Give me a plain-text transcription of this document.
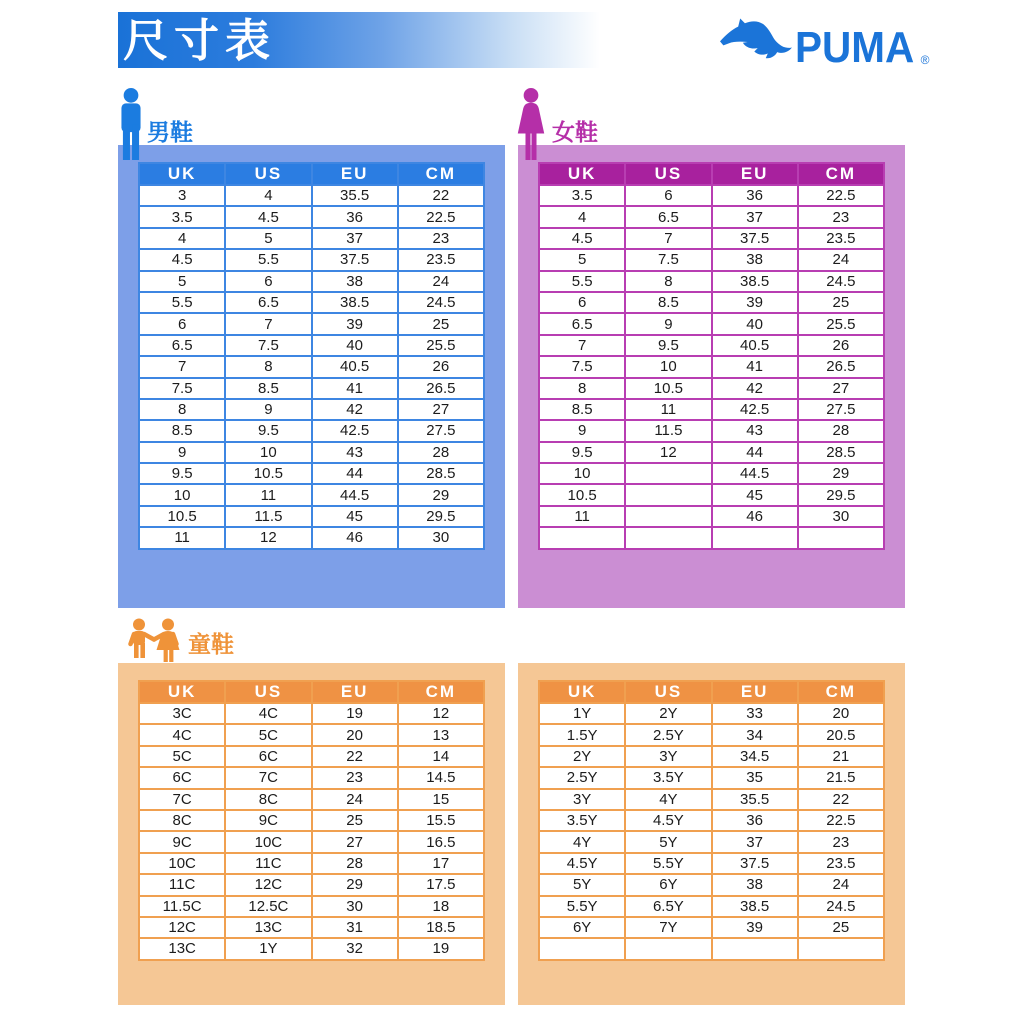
尺寸表	PUMA ®
男鞋
UK	US	EU	CM
3	4	35.5	22
3.5	4.5	36	22.5
4	5	37	23
4.5	5.5	37.5	23.5
5	6	38	24
5.5	6.5	38.5	24.5
6	7	39	25
6.5	7.5	40	25.5
7	8	40.5	26
7.5	8.5	41	26.5
8	9	42	27
8.5	9.5	42.5	27.5
9	10	43	28
9.5	10.5	44	28.5
10	11	44.5	29
10.5	11.5	45	29.5
11	12	46	30
女鞋
UK	US	EU	CM
3.5	6	36	22.5
4	6.5	37	23
4.5	7	37.5	23.5
5	7.5	38	24
5.5	8	38.5	24.5
6	8.5	39	25
6.5	9	40	25.5
7	9.5	40.5	26
7.5	10	41	26.5
8	10.5	42	27
8.5	11	42.5	27.5
9	11.5	43	28
9.5	12	44	28.5
10		44.5	29
10.5		45	29.5
11		46	30

童鞋
UK	US	EU	CM
3C	4C	19	12
4C	5C	20	13
5C	6C	22	14
6C	7C	23	14.5
7C	8C	24	15
8C	9C	25	15.5
9C	10C	27	16.5
10C	11C	28	17
11C	12C	29	17.5
11.5C	12.5C	30	18
12C	13C	31	18.5
13C	1Y	32	19
UK	US	EU	CM
1Y	2Y	33	20
1.5Y	2.5Y	34	20.5
2Y	3Y	34.5	21
2.5Y	3.5Y	35	21.5
3Y	4Y	35.5	22
3.5Y	4.5Y	36	22.5
4Y	5Y	37	23
4.5Y	5.5Y	37.5	23.5
5Y	6Y	38	24
5.5Y	6.5Y	38.5	24.5
6Y	7Y	39	25
